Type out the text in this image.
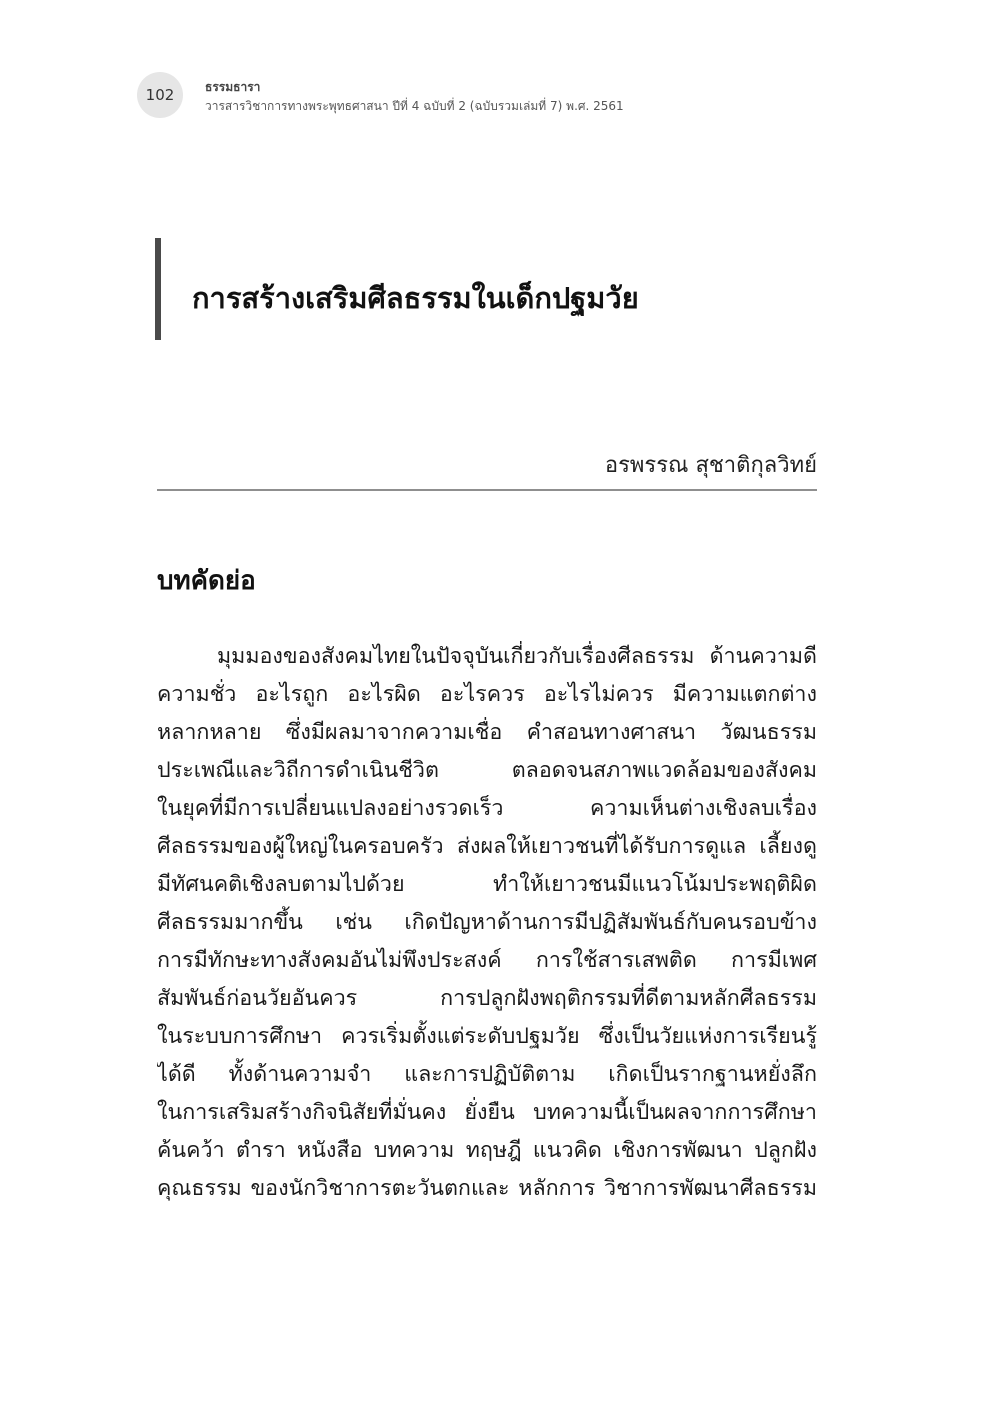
102	ธรรมธารา
วารสารวิชาการทางพระพุทธศาสนา ปีที่ 4 ฉบับที่ 2 (ฉบับรวมเล่มที่ 7) พ.ศ. 2561
การสร้างเสริมศีลธรรมในเด็กปฐมวัย
อรพรรณ สุชาติกุลวิทย์
บทคัดย่อ
มุมมองของสังคมไทยในปัจจุบันเกี่ยวกับเรื่องศีลธรรม ด้านความดี
ความชั่ว อะไรถูก อะไรผิด อะไรควร อะไรไม่ควร มีความแตกต่าง
หลากหลาย ซึ่งมีผลมาจากความเชื่อ คำสอนทางศาสนา วัฒนธรรม
ประเพณีและวิถีการดำเนินชีวิต ตลอดจนสภาพแวดล้อมของสังคม
ในยุคที่มีการเปลี่ยนแปลงอย่างรวดเร็ว ความเห็นต่างเชิงลบเรื่อง
ศีลธรรมของผู้ใหญ่ในครอบครัว ส่งผลให้เยาวชนที่ได้รับการดูแล เลี้ยงดู
มีทัศนคติเชิงลบตามไปด้วย ทำให้เยาวชนมีแนวโน้มประพฤติผิด
ศีลธรรมมากขึ้น เช่น เกิดปัญหาด้านการมีปฏิสัมพันธ์กับคนรอบข้าง
การมีทักษะทางสังคมอันไม่พึงประสงค์ การใช้สารเสพติด การมีเพศ
สัมพันธ์ก่อนวัยอันควร การปลูกฝังพฤติกรรมที่ดีตามหลักศีลธรรม
ในระบบการศึกษา ควรเริ่มตั้งแต่ระดับปฐมวัย ซึ่งเป็นวัยแห่งการเรียนรู้
ได้ดี ทั้งด้านความจำ และการปฏิบัติตาม เกิดเป็นรากฐานหยั่งลึก
ในการเสริมสร้างกิจนิสัยที่มั่นคง ยั่งยืน บทความนี้เป็นผลจากการศึกษา
ค้นคว้า ตำรา หนังสือ บทความ ทฤษฎี แนวคิด เชิงการพัฒนา ปลูกฝัง
คุณธรรม ของนักวิชาการตะวันตกและ หลักการ วิชาการพัฒนาศีลธรรม
